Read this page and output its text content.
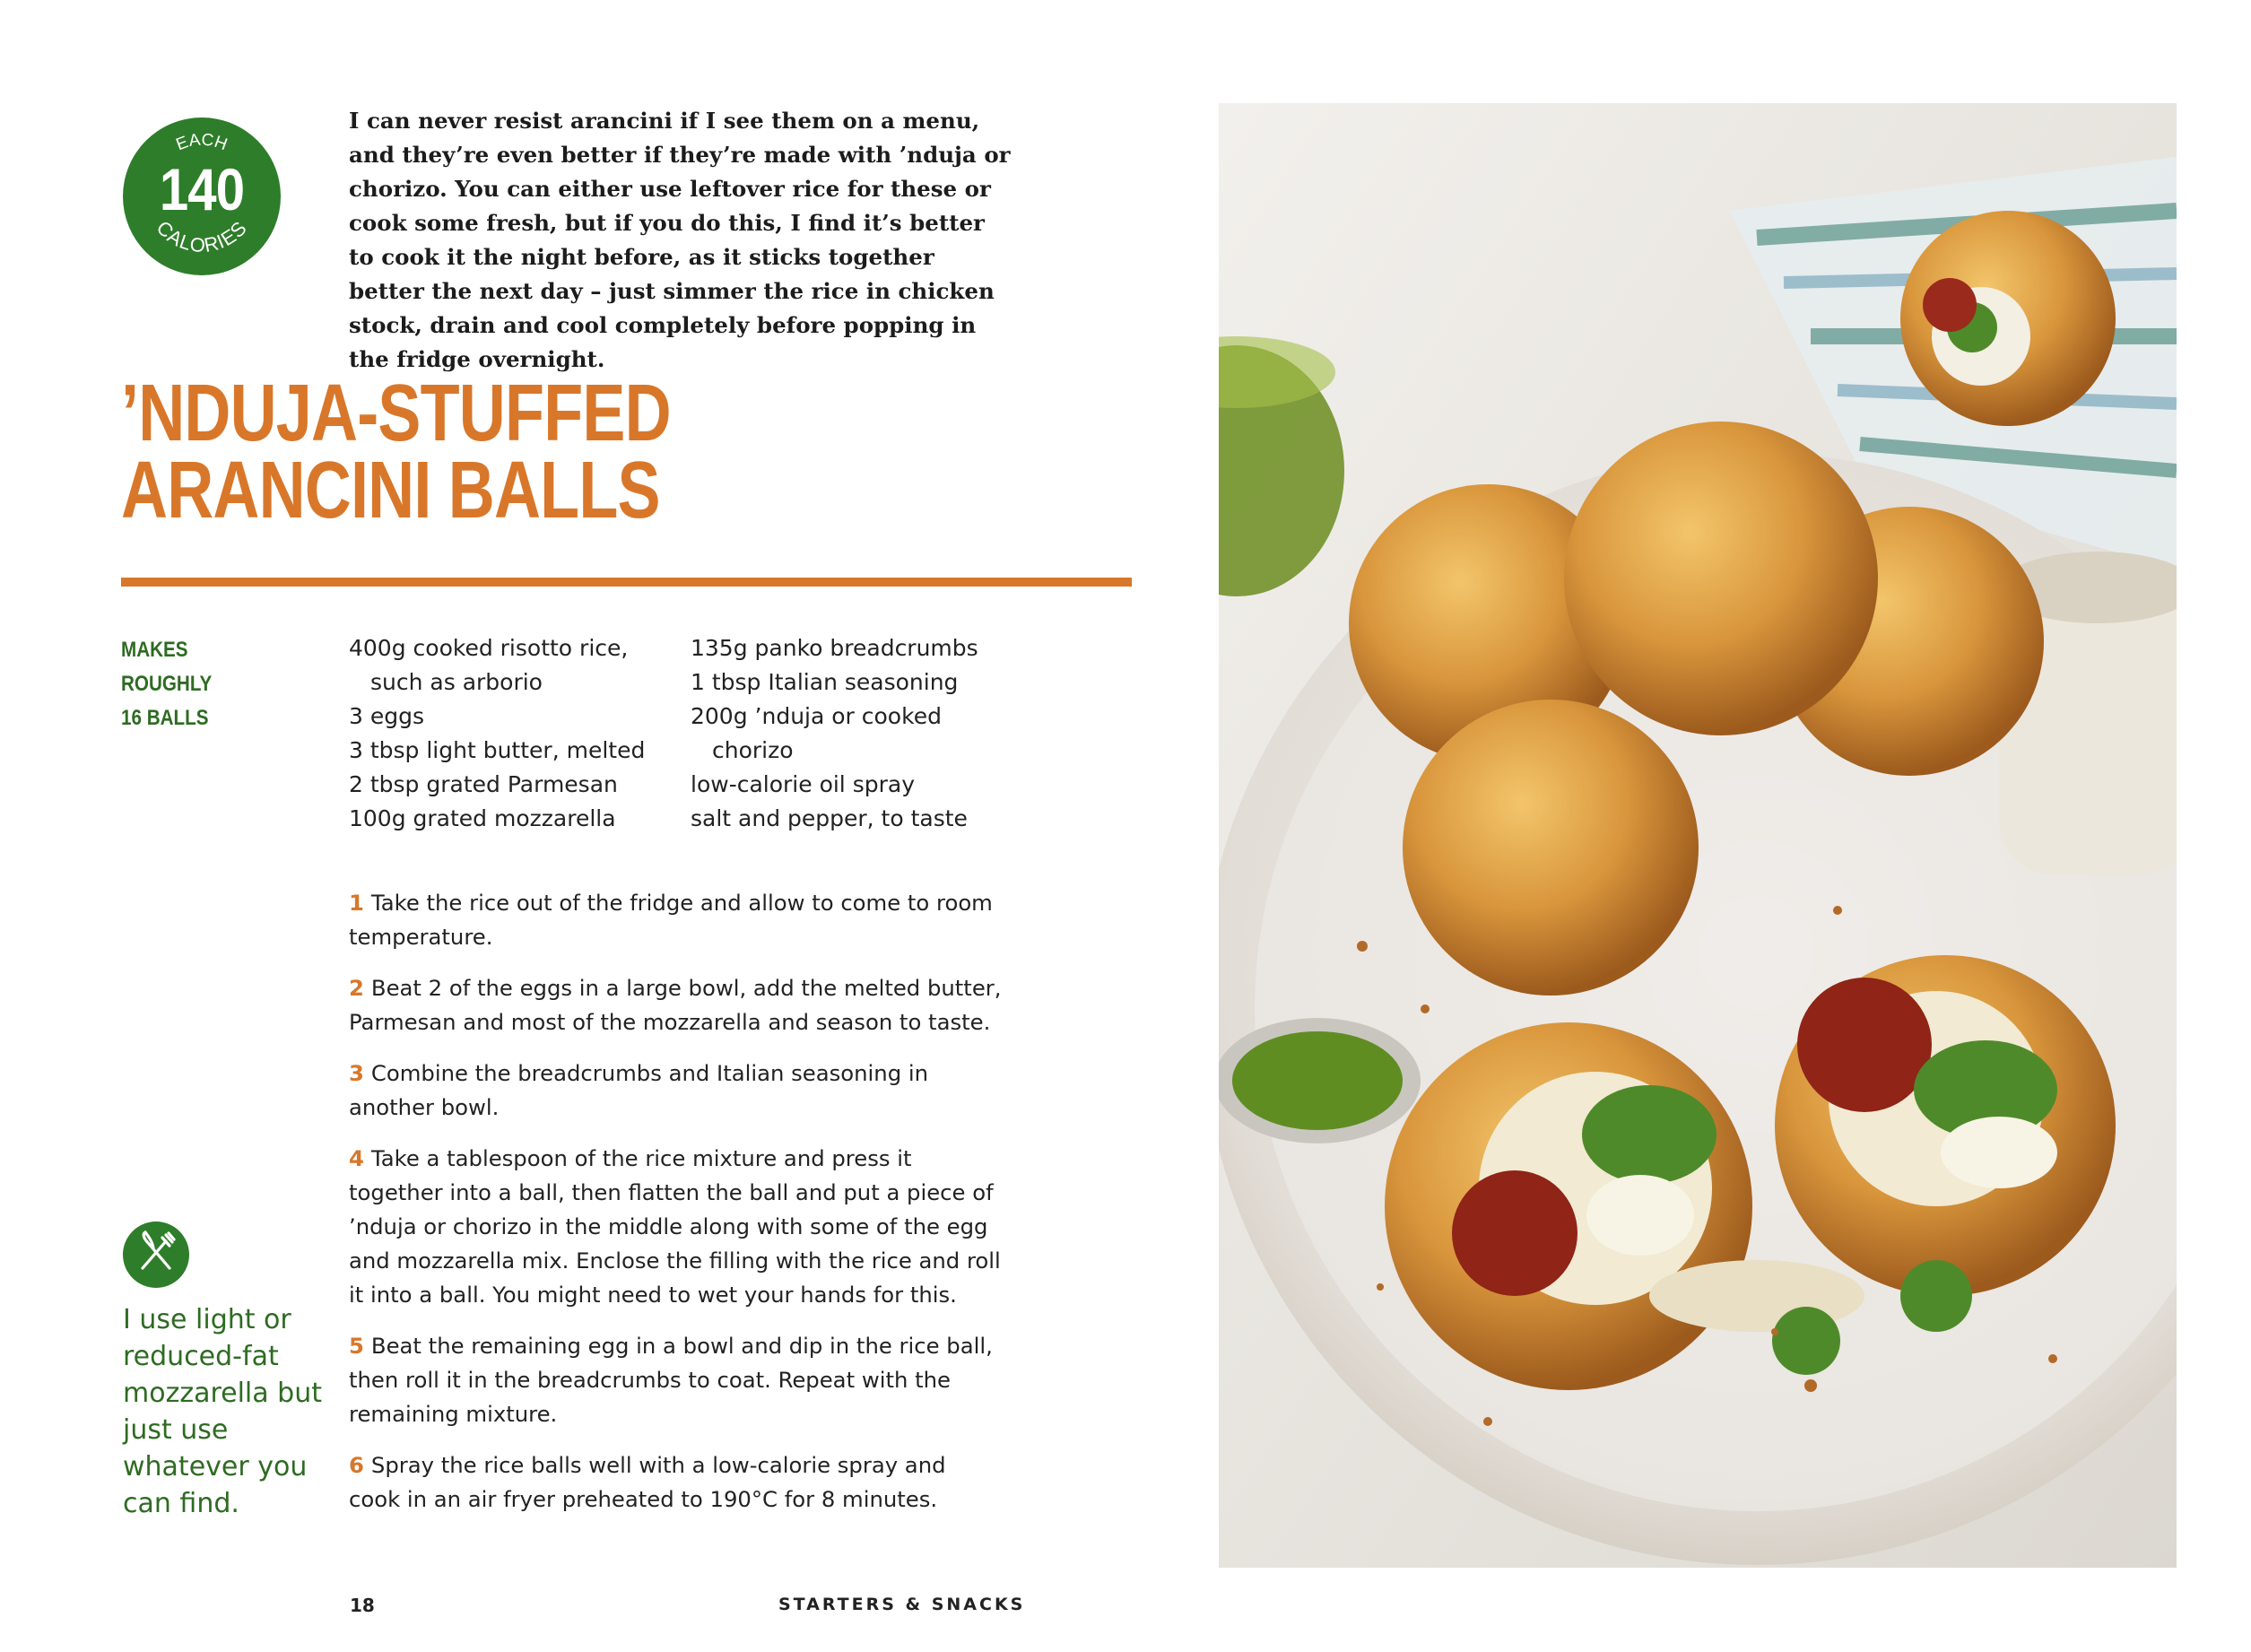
EACH
CALORIES
140
I can never resist arancini if I see them on a menu, and they’re even better if they’re made with ’nduja or chorizo. You can either use leftover rice for these or cook some fresh, but if you do this, I find it’s better to cook it the night before, as it sticks together better the next day – just simmer the rice in chicken stock, drain and cool completely before popping in the fridge overnight.
’NDUJA-STUFFED
ARANCINI BALLS
MAKES ROUGHLY
16 BALLS
400g cooked risotto rice,
such as arborio
3 eggs
3 tbsp light butter, melted
2 tbsp grated Parmesan
100g grated mozzarella
135g panko breadcrumbs
1 tbsp Italian seasoning
200g ’nduja or cooked
chorizo
low-calorie oil spray
salt and pepper, to taste

1 Take the rice out of the fridge and allow to come to room temperature.

2 Beat 2 of the eggs in a large bowl, add the melted butter, Parmesan and most of the mozzarella and season to taste.

3 Combine the breadcrumbs and Italian seasoning in another bowl.

4 Take a tablespoon of the rice mixture and press it together into a ball, then flatten the ball and put a piece of ’nduja or chorizo in the middle along with some of the egg and mozzarella mix. Enclose the filling with the rice and roll it into a ball. You might need to wet your hands for this.

5 Beat the remaining egg in a bowl and dip in the rice ball, then roll it in the breadcrumbs to coat. Repeat with the remaining mixture.

6 Spray the rice balls well with a low-calorie spray and cook in an air fryer preheated to 190°C for 8 minutes.

I use light or reduced-fat mozzarella but just use whatever you can find.
18	STARTERS & SNACKS
